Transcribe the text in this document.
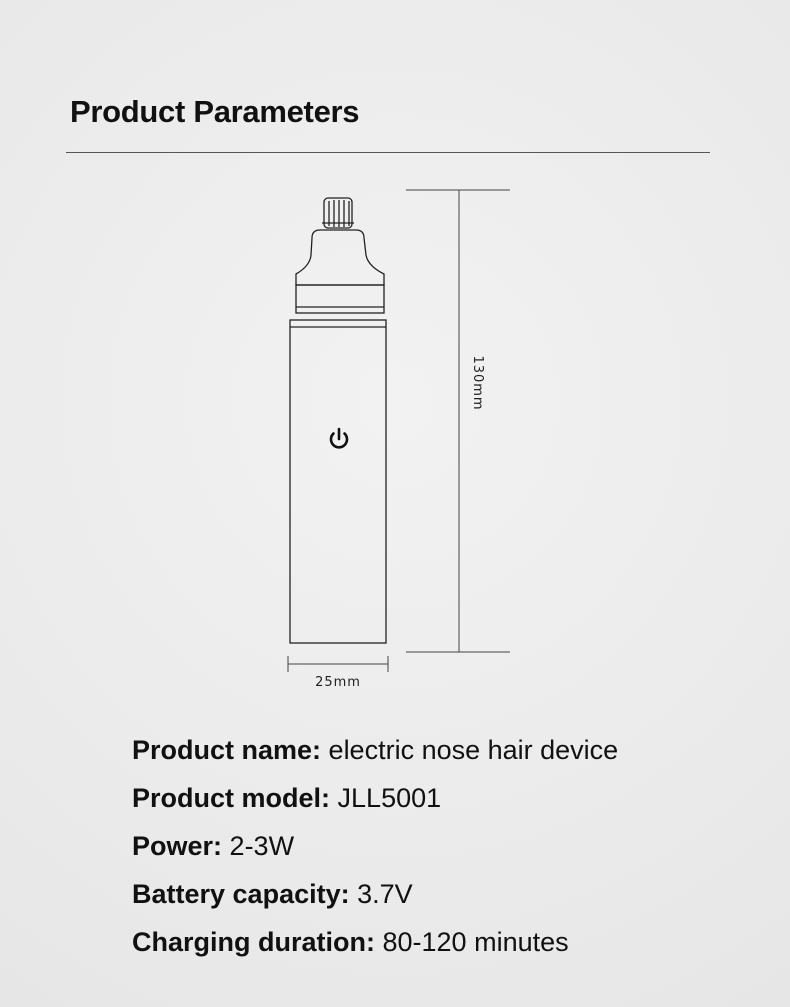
Product Parameters
130mm
25mm
Product name: electric nose hair device
Product model: JLL5001
Power: 2-3W
Battery capacity: 3.7V
Charging duration: 80-120 minutes
